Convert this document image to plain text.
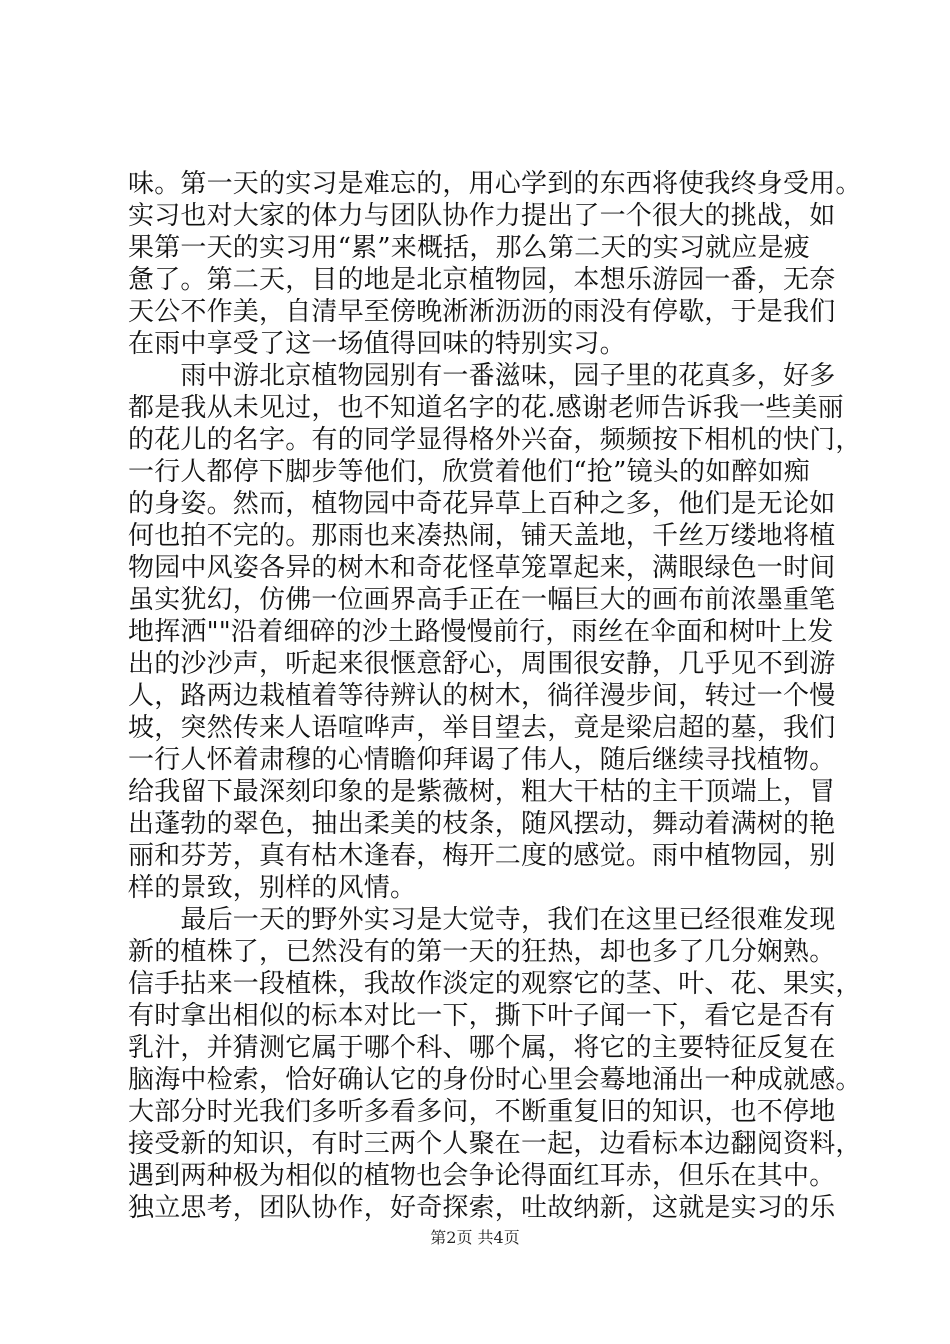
味。第一天的实习是难忘的，用心学到的东西将使我终身受用。
实习也对大家的体力与团队协作力提出了一个很大的挑战，如
果第一天的实习用“累”来概括，那么第二天的实习就应是疲
惫了。第二天，目的地是北京植物园，本想乐游园一番，无奈
天公不作美，自清早至傍晚淅淅沥沥的雨没有停歇，于是我们
在雨中享受了这一场值得回味的特别实习。
　　雨中游北京植物园别有一番滋味，园子里的花真多，好多
都是我从未见过，也不知道名字的花.感谢老师告诉我一些美丽
的花儿的名字。有的同学显得格外兴奋，频频按下相机的快门，
一行人都停下脚步等他们，欣赏着他们“抢”镜头的如醉如痴
的身姿。然而，植物园中奇花异草上百种之多，他们是无论如
何也拍不完的。那雨也来凑热闹，铺天盖地，千丝万缕地将植
物园中风姿各异的树木和奇花怪草笼罩起来，满眼绿色一时间
虽实犹幻，仿佛一位画界高手正在一幅巨大的画布前浓墨重笔
地挥洒""沿着细碎的沙土路慢慢前行，雨丝在伞面和树叶上发
出的沙沙声，听起来很惬意舒心，周围很安静，几乎见不到游
人，路两边栽植着等待辨认的树木，徜徉漫步间，转过一个慢
坡，突然传来人语喧哗声，举目望去，竟是梁启超的墓，我们
一行人怀着肃穆的心情瞻仰拜谒了伟人，随后继续寻找植物。
给我留下最深刻印象的是紫薇树，粗大干枯的主干顶端上，冒
出蓬勃的翠色，抽出柔美的枝条，随风摆动，舞动着满树的艳
丽和芬芳，真有枯木逢春，梅开二度的感觉。雨中植物园，别
样的景致，别样的风情。
　　最后一天的野外实习是大觉寺，我们在这里已经很难发现
新的植株了，已然没有的第一天的狂热，却也多了几分娴熟。
信手拈来一段植株，我故作淡定的观察它的茎、叶、花、果实，
有时拿出相似的标本对比一下，撕下叶子闻一下，看它是否有
乳汁，并猜测它属于哪个科、哪个属，将它的主要特征反复在
脑海中检索，恰好确认它的身份时心里会蓦地涌出一种成就感。
大部分时光我们多听多看多问，不断重复旧的知识，也不停地
接受新的知识，有时三两个人聚在一起，边看标本边翻阅资料，
遇到两种极为相似的植物也会争论得面红耳赤，但乐在其中。
独立思考，团队协作，好奇探索，吐故纳新，这就是实习的乐
第2页 共4页
